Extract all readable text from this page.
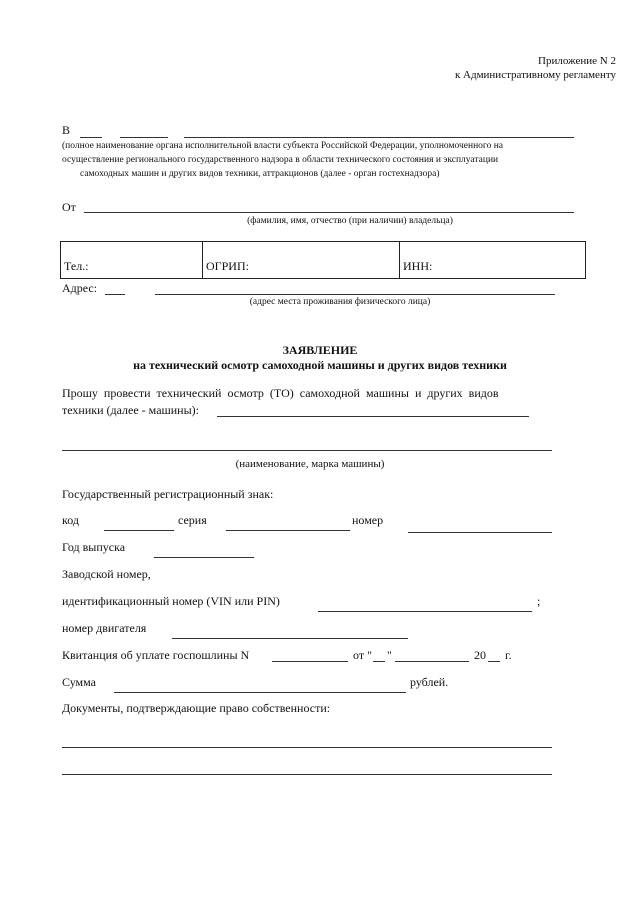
Приложение N 2
к Административному регламенту
В
(полное наименование органа исполнительной власти субъекта Российской Федерации, уполномоченного на
осуществление регионального государственного надзора в области технического состояния и эксплуатации
самоходных машин и других видов техники, аттракционов (далее - орган гостехнадзора)
От
(фамилия, имя, отчество (при наличии) владельца)
Тел.:	ОГРИП:	ИНН:
Адрес:
(адрес места проживания физического лица)
ЗАЯВЛЕНИЕ
на технический осмотр самоходной машины и других видов техники
Прошу  провести  технический  осмотр  (ТО)  самоходной  машины  и  других  видов
техники (далее - машины):
(наименование, марка машины)
Государственный регистрационный знак:
код	серия	номер
Год выпуска
Заводской номер,
идентификационный номер (VIN или PIN)	;
номер двигателя
Квитанция об уплате госпошлины N	от " "	20 г.
Сумма	рублей.
Документы, подтверждающие право собственности:
